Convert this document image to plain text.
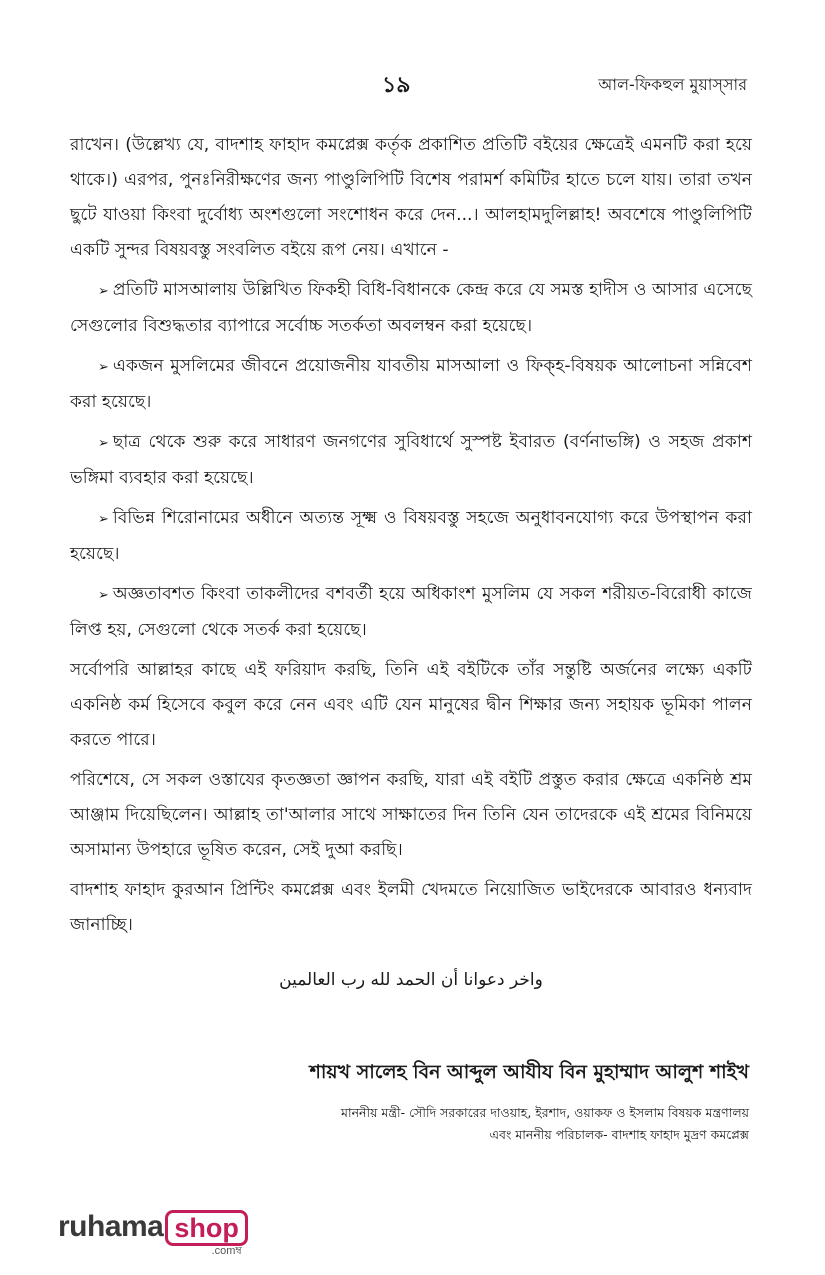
১৯	আল-ফিকহুল মুয়াস্সার

রাখেন। (উল্লেখ্য যে, বাদশাহ ফাহাদ কমপ্লেক্স কর্তৃক প্রকাশিত প্রতিটি বইয়ের ক্ষেত্রেই এমনটি করা হয়ে থাকে।) এরপর, পুনঃনিরীক্ষণের জন্য পাণ্ডুলিপিটি বিশেষ পরামর্শ কমিটির হাতে চলে যায়। তারা তখন ছুটে যাওয়া কিংবা দুর্বোধ্য অংশগুলো সংশোধন করে দেন...। আলহামদুলিল্লাহ! অবশেষে পাণ্ডুলিপিটি একটি সুন্দর বিষয়বস্তু সংবলিত বইয়ে রূপ নেয়। এখানে -

➢ প্রতিটি মাসআলায় উল্লিখিত ফিকহী বিধি-বিধানকে কেন্দ্র করে যে সমস্ত হাদীস ও আসার এসেছে সেগুলোর বিশুদ্ধতার ব্যাপারে সর্বোচ্চ সতর্কতা অবলম্বন করা হয়েছে।

➢ একজন মুসলিমের জীবনে প্রয়োজনীয় যাবতীয় মাসআলা ও ফিক্হ-বিষয়ক আলোচনা সন্নিবেশ করা হয়েছে।

➢ ছাত্র থেকে শুরু করে সাধারণ জনগণের সুবিধার্থে সুস্পষ্ট ইবারত (বর্ণনাভঙ্গি) ও সহজ প্রকাশ ভঙ্গিমা ব্যবহার করা হয়েছে।

➢ বিভিন্ন শিরোনামের অধীনে অত্যন্ত সূক্ষ্ম ও বিষয়বস্তু সহজে অনুধাবনযোগ্য করে উপস্থাপন করা হয়েছে।

➢ অজ্ঞতাবশত কিংবা তাকলীদের বশবর্তী হয়ে অধিকাংশ মুসলিম যে সকল শরীয়ত-বিরোধী কাজে লিপ্ত হয়, সেগুলো থেকে সতর্ক করা হয়েছে।

সর্বোপরি আল্লাহর কাছে এই ফরিয়াদ করছি, তিনি এই বইটিকে তাঁর সন্তুষ্টি অর্জনের লক্ষ্যে একটি একনিষ্ঠ কর্ম হিসেবে কবুল করে নেন এবং এটি যেন মানুষের দ্বীন শিক্ষার জন্য সহায়ক ভূমিকা পালন করতে পারে।

পরিশেষে, সে সকল ওস্তাযের কৃতজ্ঞতা জ্ঞাপন করছি, যারা এই বইটি প্রস্তুত করার ক্ষেত্রে একনিষ্ঠ শ্রম আঞ্জাম দিয়েছিলেন। আল্লাহ তা'আলার সাথে সাক্ষাতের দিন তিনি যেন তাদেরকে এই শ্রমের বিনিময়ে অসামান্য উপহারে ভূষিত করেন, সেই দুআ করছি।

বাদশাহ ফাহাদ কুরআন প্রিন্টিং কমপ্লেক্স এবং ইলমী খেদমতে নিয়োজিত ভাইদেরকে আবারও ধন্যবাদ জানাচ্ছি।

واخر دعوانا أن الحمد لله رب العالمين
শায়খ সালেহ বিন আব্দুল আযীয বিন মুহাম্মাদ আলুশ শাইখ
মাননীয় মন্ত্রী- সৌদি সরকারের দাওয়াহ, ইরশাদ, ওয়াকফ ও ইসলাম বিষয়ক মন্ত্রণালয়
এবং মাননীয় পরিচালক- বাদশাহ ফাহাদ মুদ্রণ কমপ্লেক্স
ruhama shop
.comম্ব
